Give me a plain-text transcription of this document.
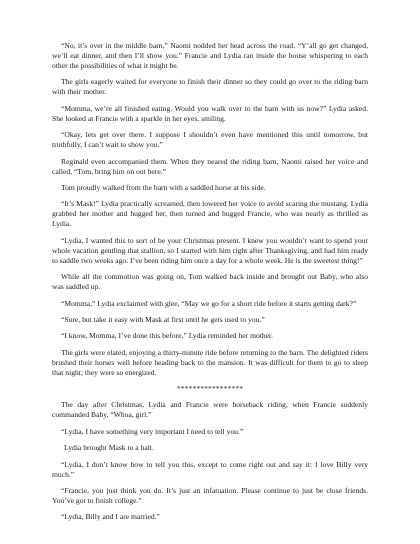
“No, it’s over in the middle barn,” Naomi nodded her head across the road. “Y’all go get changed, we’ll eat dinner, and then I’ll show you.” Francie and Lydia ran inside the house whispering to each other the possibilities of what it might be.

The girls eagerly waited for everyone to finish their dinner so they could go over to the riding barn with their mother.

“Momma, we’re all finished eating. Would you walk over to the barn with us now?” Lydia asked. She looked at Francie with a sparkle in her eyes, smiling.

“Okay, lets get over there. I suppose I shouldn’t even have mentioned this until tomorrow, but truthfully, I can’t wait to show you.”

Reginald even accompanied them. When they neared the riding barn, Naomi raised her voice and called, “Tom, bring him on out here.”

Tom proudly walked from the barn with a saddled horse at his side.

“It’s Mask!” Lydia practically screamed, then lowered her voice to avoid scaring the mustang. Lydia grabbed her mother and hugged her, then turned and hugged Francie, who was nearly as thrilled as Lydia.

“Lydia, I wanted this to sort of be your Christmas present. I knew you wouldn’t want to spend your whole vacation gentling that stallion, so I started with him right after Thanksgiving, and had him ready to saddle two weeks ago. I’ve been riding him once a day for a whole week. He is the sweetest thing!”

While all the commotion was going on, Tom walked back inside and brought out Baby, who also was saddled up.

“Momma,” Lydia exclaimed with glee, “May we go for a short ride before it starts getting dark?”

“Sure, but take it easy with Mask at first until he gets used to you.”

“I know, Momma, I’ve done this before,” Lydia reminded her mother.

The girls were elated, enjoying a thirty-minute ride before returning to the barn. The delighted riders brushed their horses well before heading back to the mansion. It was difficult for them to go to sleep that night; they were so energized.

*****************

The day after Christmas, Lydia and Francie were horseback riding, when Francie suddenly commanded Baby, “Whoa, girl.”

“Lydia, I have something very important I need to tell you.”

Lydia brought Mask to a halt.

“Lydia, I don’t know how to tell you this, except to come right out and say it: I love Billy very much.”

“Francie, you just think you do. It’s just an infatuation. Please continue to just be close friends. You’ve got to finish college.”

“Lydia, Billy and I are married.”
